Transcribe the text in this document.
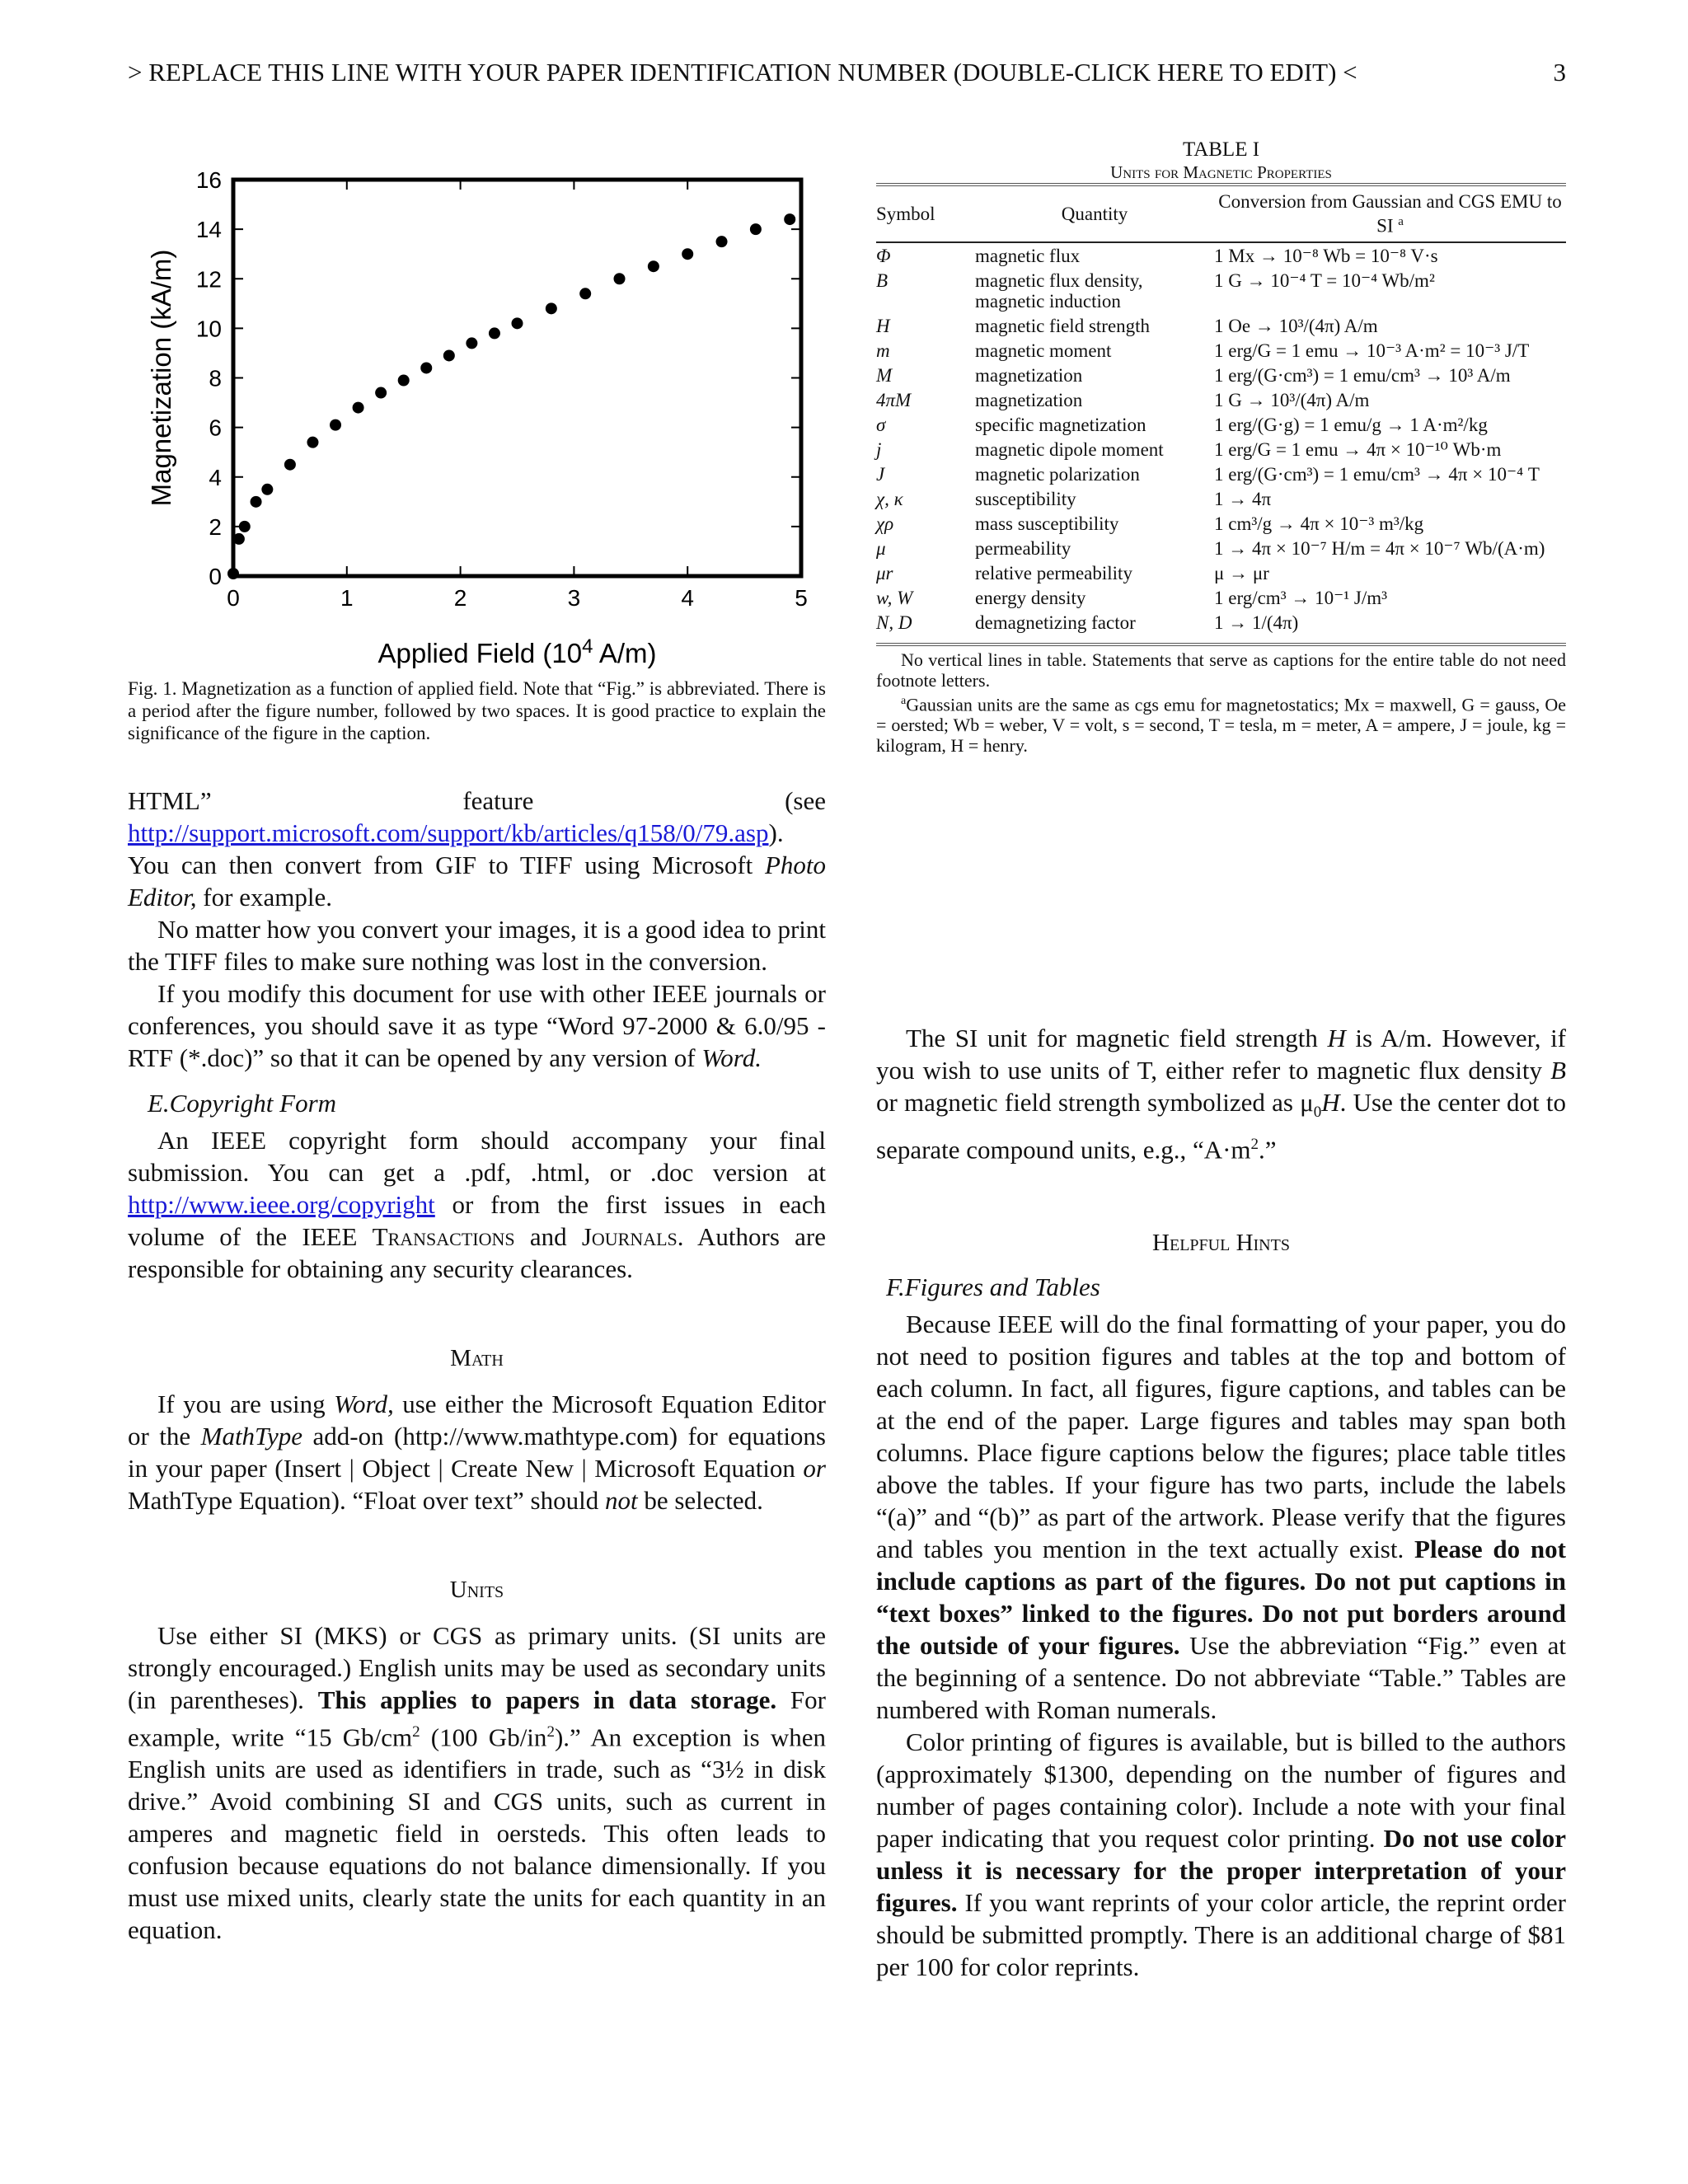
> REPLACE THIS LINE WITH YOUR PAPER IDENTIFICATION NUMBER (DOUBLE-CLICK HERE TO EDIT) <	3
0	1	2	3	4	5
0
2
4
6
8
10
12
14
16
Applied Field ($10^4$ A/m)
Magnetization (kA/m)
Fig. 1. Magnetization as a function of applied field. Note that “Fig.” is abbreviated. There is a period after the figure number, followed by two spaces. It is good practice to explain the significance of the figure in the caption.

HTML” feature (see http://support.microsoft.com/support/kb/articles/q158/0/79.asp). You can then convert from GIF to TIFF using Microsoft Photo Editor, for example.

No matter how you convert your images, it is a good idea to print the TIFF files to make sure nothing was lost in the conversion.

If you modify this document for use with other IEEE journals or conferences, you should save it as type “Word 97-2000 & 6.0/95 - RTF (*.doc)” so that it can be opened by any version of Word.

E.Copyright Form

An IEEE copyright form should accompany your final submission. You can get a .pdf, .html, or .doc version at http://www.ieee.org/copyright or from the first issues in each volume of the IEEE Transactions and Journals. Authors are responsible for obtaining any security clearances.

Math

If you are using Word, use either the Microsoft Equation Editor or the MathType add-on (http://www.mathtype.com) for equations in your paper (Insert | Object | Create New | Microsoft Equation or MathType Equation). “Float over text” should not be selected.

Units

Use either SI (MKS) or CGS as primary units. (SI units are strongly encouraged.) English units may be used as secondary units (in parentheses). This applies to papers in data storage. For example, write “15 $Gb/cm^2$ (100 $Gb/in^2$).” An exception is when English units are used as identifiers in trade, such as “3½ in disk drive.” Avoid combining SI and CGS units, such as current in amperes and magnetic field in oersteds. This often leads to confusion because equations do not balance dimensionally. If you must use mixed units, clearly state the units for each quantity in an equation.

TABLE I
Units for Magnetic Properties
Symbol	Quantity	Conversion from Gaussian and CGS EMU to SI $^a$
Φ	magnetic flux	1 Mx → 10⁻⁸ Wb = 10⁻⁸ V·s
B	magnetic flux density, magnetic induction	1 G → 10⁻⁴ T = 10⁻⁴ Wb/m²
H	magnetic field strength	1 Oe → 10³/(4π) A/m
m	magnetic moment	1 erg/G = 1 emu → 10⁻³ A·m² = 10⁻³ J/T
M	magnetization	1 erg/(G·cm³) = 1 emu/cm³ → 10³ A/m
4πM	magnetization	1 G → 10³/(4π) A/m
σ	specific magnetization	1 erg/(G·g) = 1 emu/g → 1 A·m²/kg
j	magnetic dipole moment	1 erg/G = 1 emu → 4π × 10⁻¹⁰ Wb·m
J	magnetic polarization	1 erg/(G·cm³) = 1 emu/cm³ → 4π × 10⁻⁴ T
χ, κ	susceptibility	1 → 4π
χρ	mass susceptibility	1 cm³/g → 4π × 10⁻³ m³/kg
μ	permeability	1 → 4π × 10⁻⁷ H/m = 4π × 10⁻⁷ Wb/(A·m)
μr	relative permeability	μ → μr
w, W	energy density	1 erg/cm³ → 10⁻¹ J/m³
N, D	demagnetizing factor	1 → 1/(4π)

No vertical lines in table. Statements that serve as captions for the entire table do not need footnote letters.

$^a$Gaussian units are the same as cgs emu for magnetostatics; Mx = maxwell, G = gauss, Oe = oersted; Wb = weber, V = volt, s = second, T = tesla, m = meter, A = ampere, J = joule, kg = kilogram, H = henry.

The SI unit for magnetic field strength H is A/m. However, if you wish to use units of T, either refer to magnetic flux density B or magnetic field strength symbolized as $\mu_0H$. Use the center dot to separate compound units, e.g., “$A\cdot m^2$.”

Helpful Hints

F.Figures and Tables

Because IEEE will do the final formatting of your paper, you do not need to position figures and tables at the top and bottom of each column. In fact, all figures, figure captions, and tables can be at the end of the paper. Large figures and tables may span both columns. Place figure captions below the figures; place table titles above the tables. If your figure has two parts, include the labels “(a)” and “(b)” as part of the artwork. Please verify that the figures and tables you mention in the text actually exist. Please do not include captions as part of the figures. Do not put captions in “text boxes” linked to the figures. Do not put borders around the outside of your figures. Use the abbreviation “Fig.” even at the beginning of a sentence. Do not abbreviate “Table.” Tables are numbered with Roman numerals.

Color printing of figures is available, but is billed to the authors (approximately $1300, depending on the number of figures and number of pages containing color). Include a note with your final paper indicating that you request color printing. Do not use color unless it is necessary for the proper interpretation of your figures. If you want reprints of your color article, the reprint order should be submitted promptly. There is an additional charge of $81 per 100 for color reprints.
